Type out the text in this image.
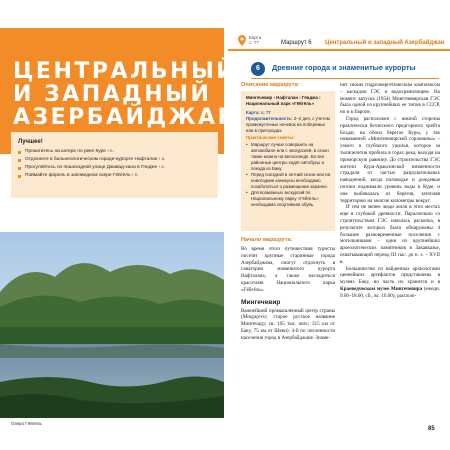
ЦЕНТРАЛЬНЫЙ И ЗАПАДНЫЙ АЗЕРБАЙДЖАН
Лучшее!
Прокатитесь на катере по реке Куре › с.
Отдохните в бальнеологическом городе-курорте Нафталан › с.
Прогуляйтесь по пешеходной улице Джавад-хана в Гяндже › с.
Поймайте форель в заповедном озере Гёйгёль › с.
Озеро Гёйгёль
Карта
с. 77	Маршрут 6 Центральный и западный Азербайджан
6	Древние города и знаменитые курорты
Описание маршрута:
Мингечевир › Нафталан › Гянджа › Национальный парк «Гёйгёль»
Карта: с. 77
Продолжительность: 2–3 дня, с учетом промежуточных ночевок на побережье или в пригородах.
Практические советы:
• Маршрут лучше совершить на автомобиле или с экскурсией, в сезон также можно на велосипеде. Во все районные центры ходят автобусы и поезда из Баку.
• Перед поездкой в летний сезон или на новогодние каникулы необходимо позаботиться о размещении заранее.
• Для возможных экскурсий по Национальному парку «Гёйгёль» необходима спортивная обувь.
Начало маршрута:
Во время этого путешествия туристы посетят крупные старинные города Азербайджана, смогут отдохнуть в санатории знаменитого курорта Нафталана, а также насладиться красотами Национального парка «Гёйгёль».
Мингечевир
Важнейший промышленный центр страны (Mingəçevir; старое русское название Мингечаур; св. 105 тыс. жит.; 315 км от Баку, 75 км от Шеки). 4-й по численности населения город в Азербайджане. Знаме-
нит своим гидроэнергетическим комплексом – каскадом ГЭС и водохранилищем. На момент запуска (1954) Мингечевирская ГЭС была одной из крупнейших ее типов в СССР, но и в Европе.
Город расположен с южной стороны практически безлесного предгорного хребта Боздаг, на обоих берегах Куры, у так называемой «Мингечевирской горловины» – узкого и глубокого ущелья, которое за тысячелетия пробила в горах река, выходя на приморскую равнину. До строительства ГЭС жители Кура-Араксинской низменности страдали от частых разрушительных наводнений, когда половодье и дождевые потоки поднимали уровень воды в Куре, и она выбивалась из берегов, затопляя территорию на многие километры вокруг.
И тем не менее люди жили в этих местах еще в глубокой древности. Параллельно со строительством ГЭС началась раскопка, в результате которых были обнаружены 4 большие разновременные поселения с могильниками – одни из крупнейших археологических памятников в Закавказье, охватывающий период III тыс. до н. э. – XVII в.
Большинство из найденных археологами ценнейших артефактов представлены в музеях Баку, но часть их хранится и в Краеведческом музее Мингечевира (ежедн. 9.00–18.00, сб., вс. 10.00), располо-
85
